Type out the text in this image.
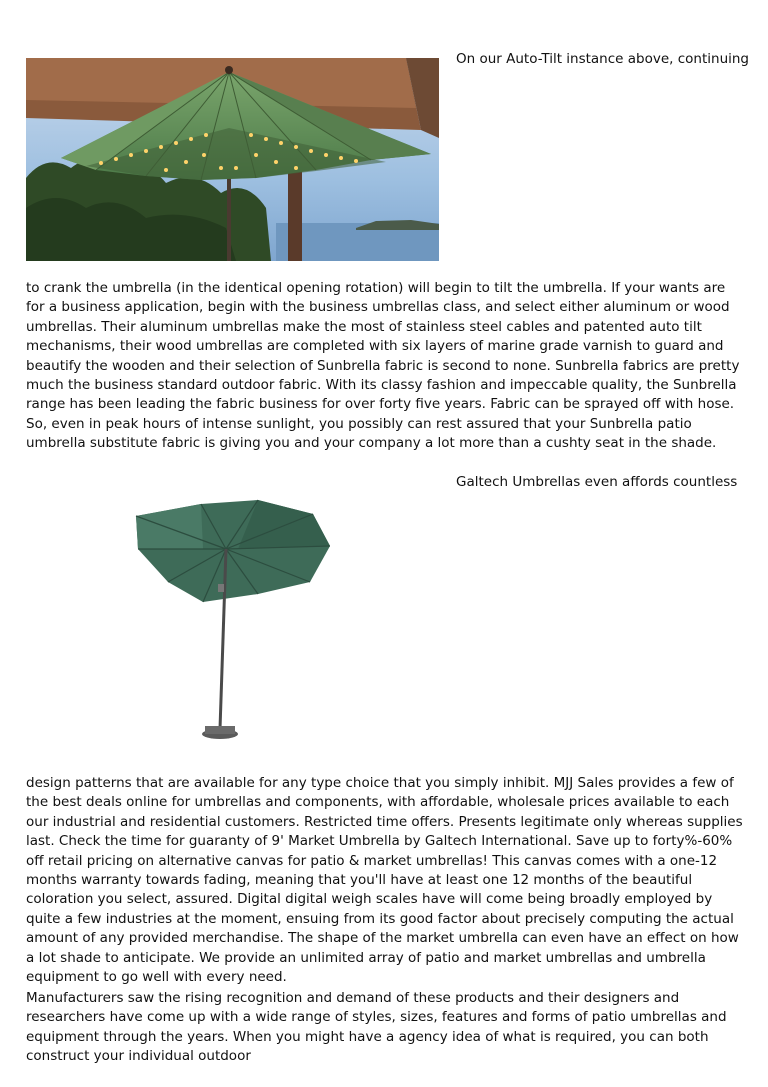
On our Auto-Tilt instance above, continuing

to crank the umbrella (in the identical opening rotation) will begin to tilt the umbrella. If your wants are for a business application, begin with the business umbrellas class, and select either aluminum or wood umbrellas. Their aluminum umbrellas make the most of stainless steel cables and patented auto tilt mechanisms, their wood umbrellas are completed with six layers of marine grade varnish to guard and beautify the wooden and their selection of Sunbrella fabric is second to none. Sunbrella fabrics are pretty much the business standard outdoor fabric. With its classy fashion and impeccable quality, the Sunbrella range has been leading the fabric business for over forty five years. Fabric can be sprayed off with hose. So, even in peak hours of intense sunlight, you possibly can rest assured that your Sunbrella patio umbrella substitute fabric is giving you and your company a lot more than a cushty seat in the shade.

Galtech Umbrellas even affords countless

design patterns that are available for any type choice that you simply inhibit. MJJ Sales provides a few of the best deals online for umbrellas and components, with affordable, wholesale prices available to each our industrial and residential customers. Restricted time offers. Presents legitimate only whereas supplies last. Check the time for guaranty of 9' Market Umbrella by Galtech International. Save up to forty%-60% off retail pricing on alternative canvas for patio & market umbrellas! This canvas comes with a one-12 months warranty towards fading, meaning that you'll have at least one 12 months of the beautiful coloration you select, assured. Digital digital weigh scales have will come being broadly employed by quite a few industries at the moment, ensuing from its good factor about precisely computing the actual amount of any provided merchandise. The shape of the market umbrella can even have an effect on how a lot shade to anticipate. We provide an unlimited array of patio and market umbrellas and umbrella equipment to go well with every need.

Manufacturers saw the rising recognition and demand of these products and their designers and researchers have come up with a wide range of styles, sizes, features and forms of patio umbrellas and equipment through the years. When you might have a agency idea of what is required, you can both construct your individual outdoor
